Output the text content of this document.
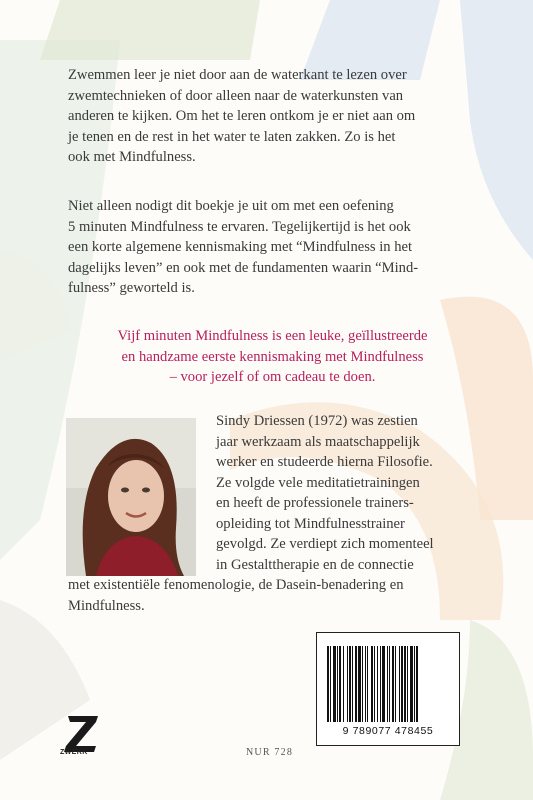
Zwemmen leer je niet door aan de waterkant te lezen over
zwemtechnieken of door alleen naar de waterkunsten van
anderen te kijken. Om het te leren ontkom je er niet aan om
je tenen en de rest in het water te laten zakken. Zo is het
ook met Mindfulness.
Niet alleen nodigt dit boekje je uit om met een oefening
5 minuten Mindfulness te ervaren. Tegelijkertijd is het ook
een korte algemene kennismaking met “Mindfulness in het
dagelijks leven” en ook met de fundamenten waarin “Mind-
fulness” geworteld is.
Vijf minuten Mindfulness is een leuke, geïllustreerde
en handzame eerste kennismaking met Mindfulness
– voor jezelf of om cadeau te doen.
Sindy Driessen (1972) was zestien
jaar werkzaam als maatschappelijk
werker en studeerde hierna Filosofie.
Ze volgde vele meditatietrainingen
en heeft de professionele trainers-
opleiding tot Mindfulnesstrainer
gevolgd. Ze verdiept zich momenteel
in Gestalttherapie en de connectie
met existentiële fenomenologie, de Dasein-benadering en
Mindfulness.
9 789077 478455
ZWERK	NUR 728
